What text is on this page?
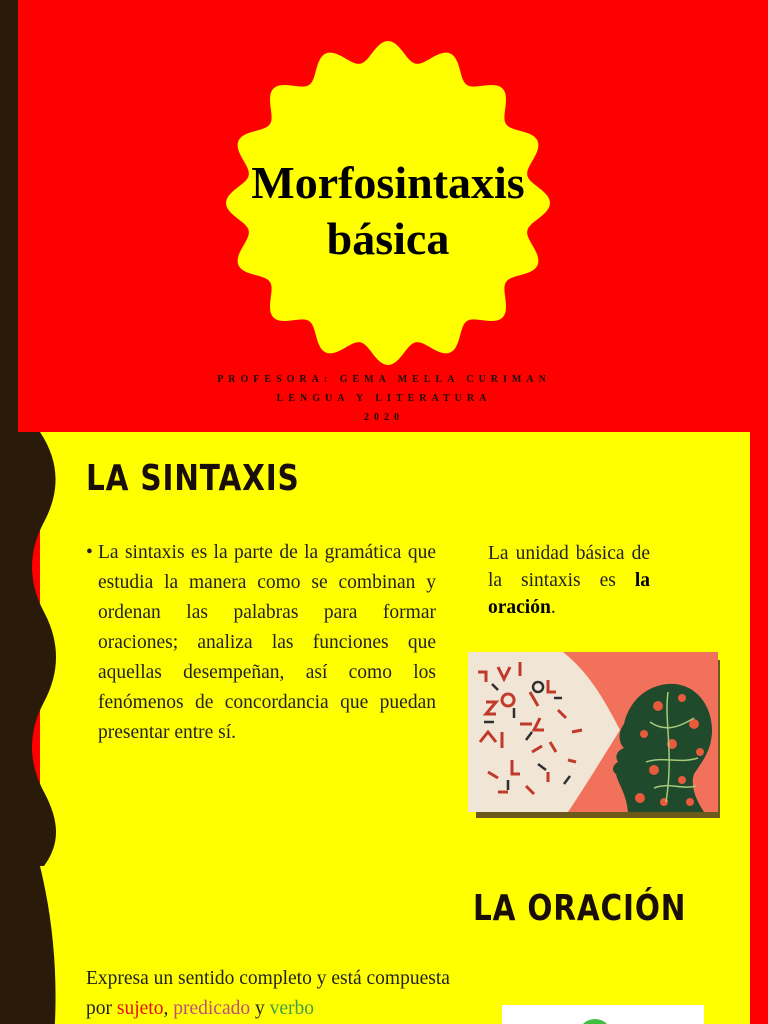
Morfosintaxis
básica
PROFESORA: GEMA MELLA CURIMAN
LENGUA Y LITERATURA
2020
LA SINTAXIS
• La sintaxis es la parte de la gramática que estudia la manera como se combinan y ordenan las palabras para formar oraciones; analiza las funciones que aquellas desempeñan, así como los fenómenos de concordancia que puedan presentar entre sí.
La unidad básica de la sintaxis es la oración.
LA ORACIÓN
Expresa un sentido completo y está compuesta por sujeto, predicado y verbo
